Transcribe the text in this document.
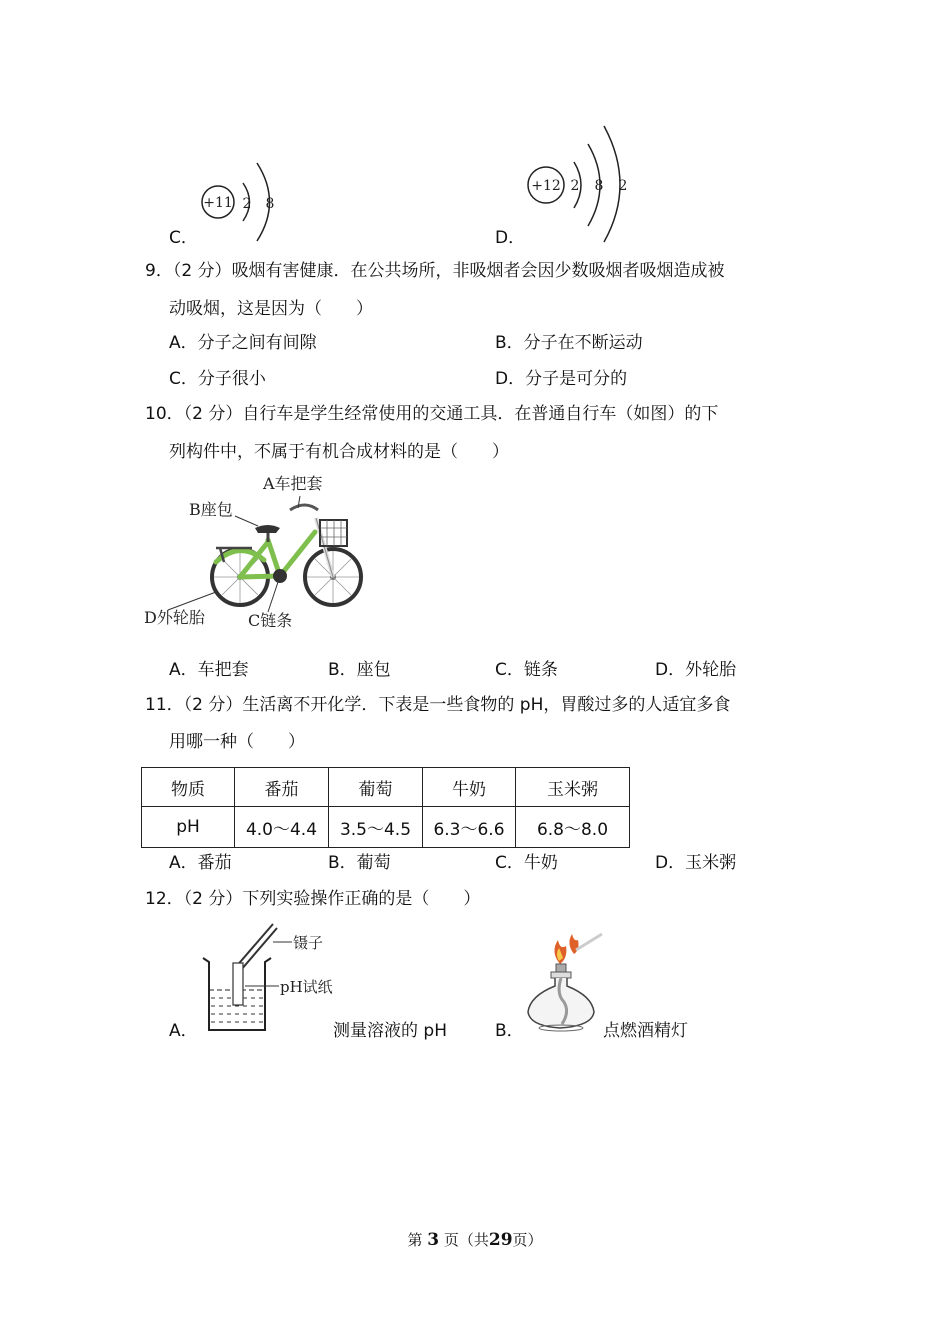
+11 2 8
C．
+12 2 8 2
D．
9．（2 分）吸烟有害健康．在公共场所，非吸烟者会因少数吸烟者吸烟造成被
动吸烟，这是因为（　　）
A．分子之间有间隙	B．分子在不断运动
C．分子很小	D．分子是可分的
10．（2 分）自行车是学生经常使用的交通工具．在普通自行车（如图）的下
列构件中，不属于有机合成材料的是（　　）
A车把套
B座包
D外轮胎	C链条
A．车把套	B．座包	C．链条	D．外轮胎
11．（2 分）生活离不开化学．下表是一些食物的 pH，胃酸过多的人适宜多食
用哪一种（　　）
物质	番茄	葡萄	牛奶	玉米粥
pH	4.0～4.4	3.5～4.5	6.3～6.6	6.8～8.0
A．番茄	B．葡萄	C．牛奶	D．玉米粥
12．（2 分）下列实验操作正确的是（　　）
A．
镊子
pH试纸
测量溶液的 pH	B．	点燃酒精灯
第 3 页（共29页）
